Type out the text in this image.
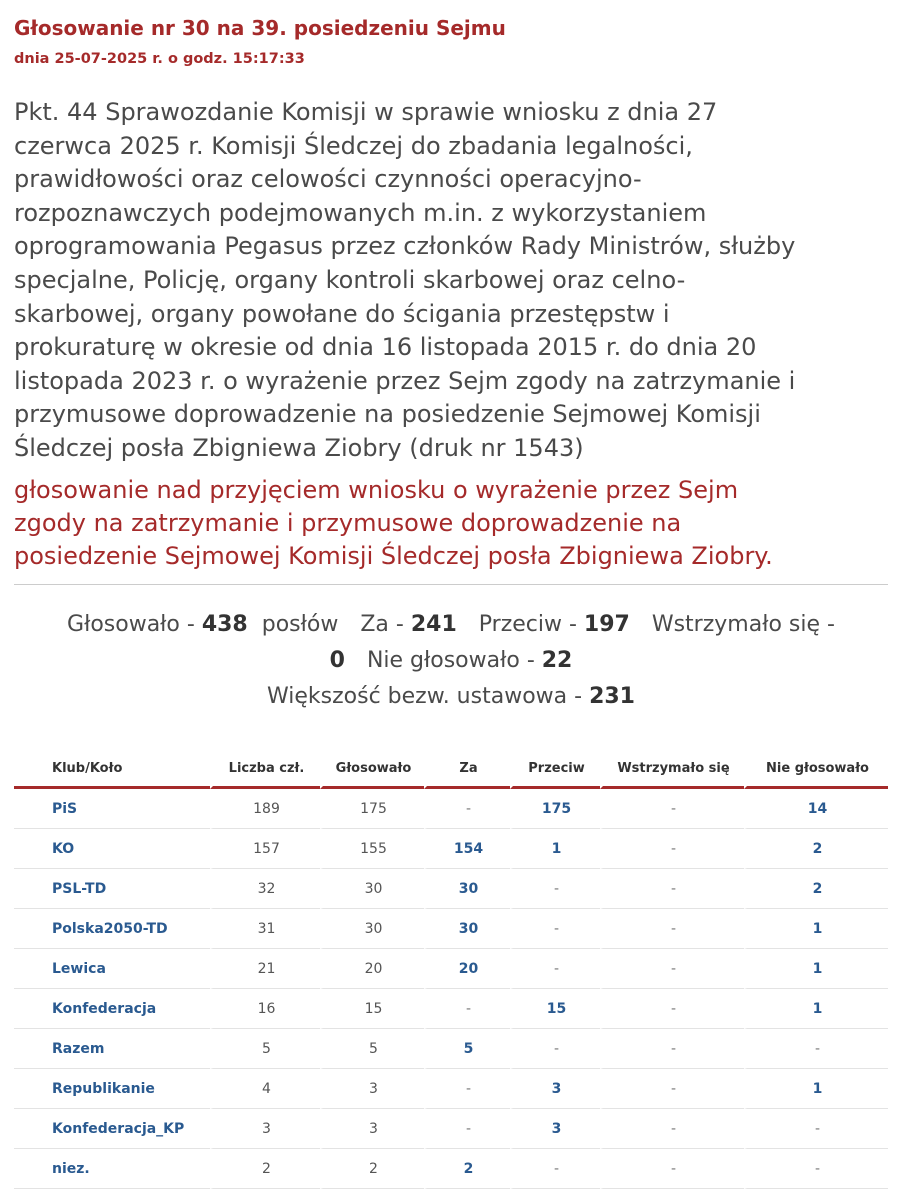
Głosowanie nr 30 na 39. posiedzeniu Sejmu
dnia 25-07-2025 r. o godz. 15:17:33
Pkt. 44 Sprawozdanie Komisji w sprawie wniosku z dnia 27
czerwca 2025 r. Komisji Śledczej do zbadania legalności,
prawidłowości oraz celowości czynności operacyjno-
rozpoznawczych podejmowanych m.in. z wykorzystaniem
oprogramowania Pegasus przez członków Rady Ministrów, służby
specjalne, Policję, organy kontroli skarbowej oraz celno-
skarbowej, organy powołane do ścigania przestępstw i
prokuraturę w okresie od dnia 16 listopada 2015 r. do dnia 20
listopada 2023 r. o wyrażenie przez Sejm zgody na zatrzymanie i
przymusowe doprowadzenie na posiedzenie Sejmowej Komisji
Śledczej posła Zbigniewa Ziobry (druk nr 1543)
głosowanie nad przyjęciem wniosku o wyrażenie przez Sejm
zgody na zatrzymanie i przymusowe doprowadzenie na
posiedzenie Sejmowej Komisji Śledczej posła Zbigniewa Ziobry.
Głosowało - 438 posłów Za - 241 Przeciw - 197 Wstrzymało się -
0 Nie głosowało - 22
Większość bezw. ustawowa - 231
Klub/Koło	Liczba czł.	Głosowało	Za	Przeciw	Wstrzymało się	Nie głosowało
PiS	189	175	-	175	-	14
KO	157	155	154	1	-	2
PSL-TD	32	30	30	-	-	2
Polska2050-TD	31	30	30	-	-	1
Lewica	21	20	20	-	-	1
Konfederacja	16	15	-	15	-	1
Razem	5	5	5	-	-	-
Republikanie	4	3	-	3	-	1
Konfederacja_KP	3	3	-	3	-	-
niez.	2	2	2	-	-	-
